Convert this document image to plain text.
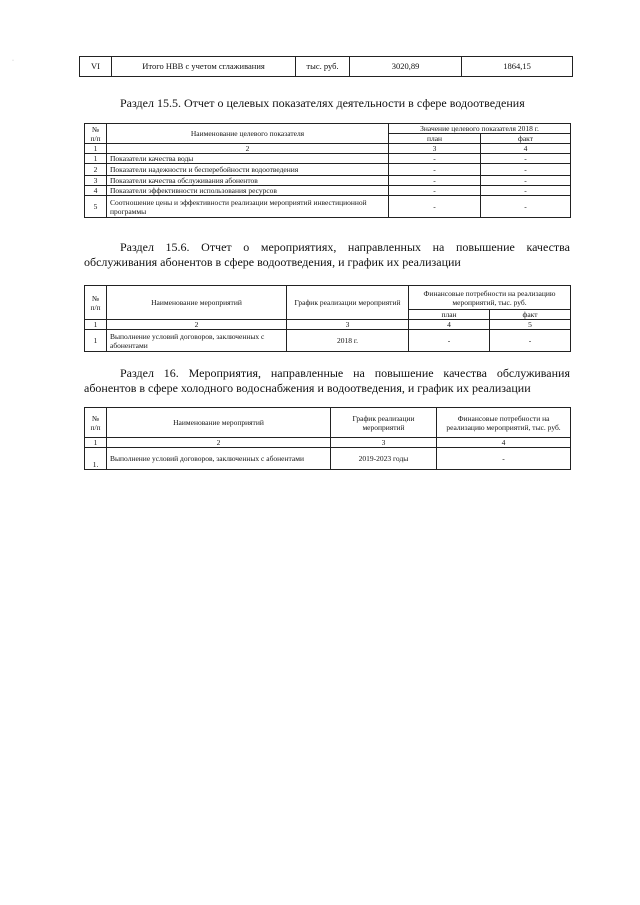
·	VI	Итого НВВ с учетом сглаживания	тыс. руб.	3020,89	1864,15
Раздел 15.5. Отчет о целевых показателях деятельности в сфере водоотведения
№ п/п	Наименование целевого показателя	Значение целевого показателя 2018 г.	
		план	факт
1	2	3	4
1	Показатели качества воды	-	-
2	Показатели надежности и бесперебойности водоотведения	-	-
3	Показатели качества обслуживания абонентов	-	-
4	Показатели эффективности использования ресурсов	-	-
5	Соотношение цены и эффективности реализации мероприятий инвестиционной программы	-	-
Раздел 15.6. Отчет о мероприятиях, направленных на повышение качества обслуживания абонентов в сфере водоотведения, и график их реализации
№ п/п	Наименование мероприятий	График реализации мероприятий	Финансовые потребности на реализацию мероприятий, тыс. руб.	
			план	факт
1	2	3	4	5
1	Выполнение условий договоров, заключенных с абонентами	2018 г.	-	-
Раздел 16. Мероприятия, направленные на повышение качества обслуживания абонентов в сфере холодного водоснабжения и водоотведения, и график их реализации
№ п/п	Наименование мероприятий	График реализации мероприятий	Финансовые потребности на реализацию мероприятий, тыс. руб.
1	2	3	4
1.	Выполнение условий договоров, заключенных с абонентами	2019-2023 годы	-
